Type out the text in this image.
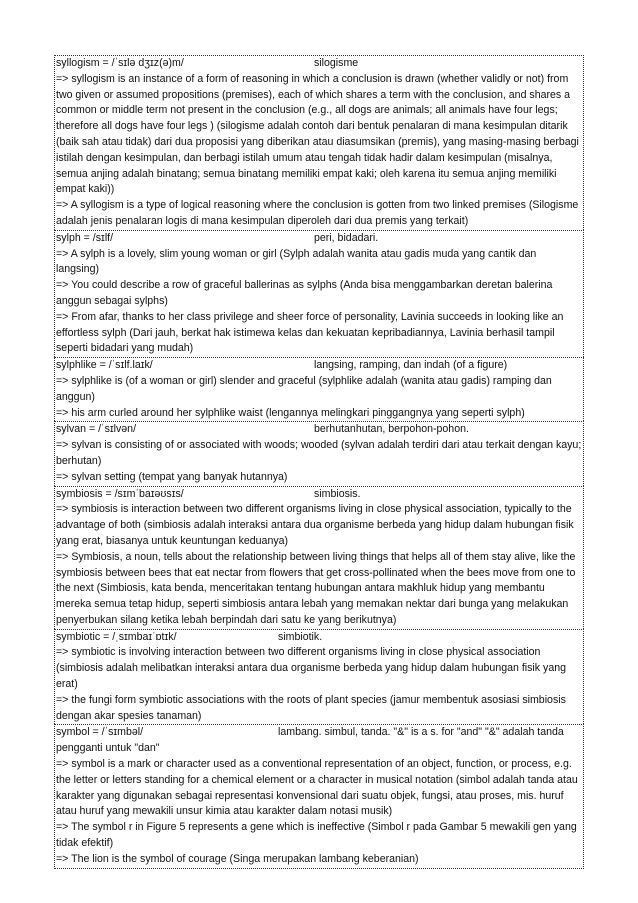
syllogism = /ˈsɪlə dʒɪz(ə)m/	silogisme

=> syllogism is an instance of a form of reasoning in which a conclusion is drawn (whether validly or not) from two given or assumed propositions (premises), each of which shares a term with the conclusion, and shares a common or middle term not present in the conclusion (e.g., all dogs are animals; all animals have four legs; therefore all dogs have four legs ) (silogisme adalah contoh dari bentuk penalaran di mana kesimpulan ditarik (baik sah atau tidak) dari dua proposisi yang diberikan atau diasumsikan (premis), yang masing-masing berbagi istilah dengan kesimpulan, dan berbagi istilah umum atau tengah tidak hadir dalam kesimpulan (misalnya, semua anjing adalah binatang; semua binatang memiliki empat kaki; oleh karena itu semua anjing memiliki empat kaki))

=> A syllogism is a type of logical reasoning where the conclusion is gotten from two linked premises (Silogisme adalah jenis penalaran logis di mana kesimpulan diperoleh dari dua premis yang terkait)

sylph = /sɪlf/	peri, bidadari.

=> A sylph is a lovely, slim young woman or girl (Sylph adalah wanita atau gadis muda yang cantik dan langsing)

=> You could describe a row of graceful ballerinas as sylphs (Anda bisa menggambarkan deretan balerina anggun sebagai sylphs)

=> From afar, thanks to her class privilege and sheer force of personality, Lavinia succeeds in looking like an effortless sylph (Dari jauh, berkat hak istimewa kelas dan kekuatan kepribadiannya, Lavinia berhasil tampil seperti bidadari yang mudah)

sylphlike = /ˈsɪlf.laɪk/	langsing, ramping, dan indah (of a figure)

=> sylphlike is (of a woman or girl) slender and graceful (sylphlike adalah (wanita atau gadis) ramping dan anggun)

=> his arm curled around her sylphlike waist (lengannya melingkari pinggangnya yang seperti sylph)

sylvan = /ˈsɪlvən/	berhutanhutan, berpohon-pohon.

=> sylvan is consisting of or associated with woods; wooded (sylvan adalah terdiri dari atau terkait dengan kayu; berhutan)

=> sylvan setting (tempat yang banyak hutannya)

symbiosis = /sɪmˈbaɪəʊsɪs/	simbiosis.

=> symbiosis is interaction between two different organisms living in close physical association, typically to the advantage of both (simbiosis adalah interaksi antara dua organisme berbeda yang hidup dalam hubungan fisik yang erat, biasanya untuk keuntungan keduanya)

=> Symbiosis, a noun, tells about the relationship between living things that helps all of them stay alive, like the symbiosis between bees that eat nectar from flowers that get cross-pollinated when the bees move from one to the next (Simbiosis, kata benda, menceritakan tentang hubungan antara makhluk hidup yang membantu mereka semua tetap hidup, seperti simbiosis antara lebah yang memakan nektar dari bunga yang melakukan penyerbukan silang ketika lebah berpindah dari satu ke yang berikutnya)

symbiotic = /ˌsɪmbaɪˈɒtɪk/	simbiotik.

=> symbiotic is involving interaction between two different organisms living in close physical association (simbiosis adalah melibatkan interaksi antara dua organisme berbeda yang hidup dalam hubungan fisik yang erat)

=> the fungi form symbiotic associations with the roots of plant species (jamur membentuk asosiasi simbiosis dengan akar spesies tanaman)

symbol = /ˈsɪmbəl/	lambang. simbul, tanda. "&" is a s. for "and" "&" adalah tanda

pengganti untuk "dan"

=> symbol is a mark or character used as a conventional representation of an object, function, or process, e.g. the letter or letters standing for a chemical element or a character in musical notation (simbol adalah tanda atau karakter yang digunakan sebagai representasi konvensional dari suatu objek, fungsi, atau proses, mis. huruf atau huruf yang mewakili unsur kimia atau karakter dalam notasi musik)

=> The symbol r in Figure 5 represents a gene which is ineffective (Simbol r pada Gambar 5 mewakili gen yang tidak efektif)

=> The lion is the symbol of courage (Singa merupakan lambang keberanian)
